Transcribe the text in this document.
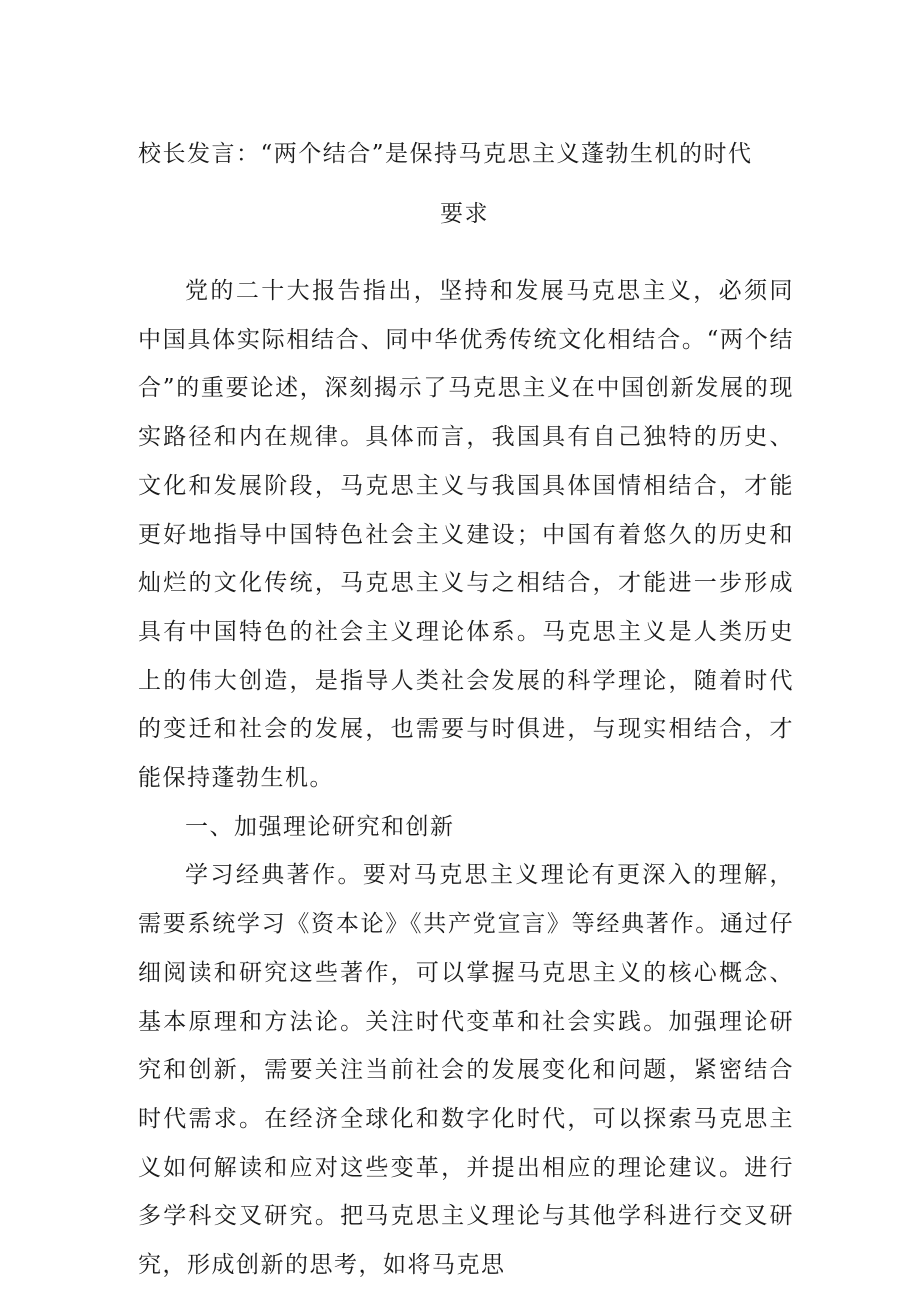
校长发言：“两个结合”是保持马克思主义蓬勃生机的时代
要求

党的二十大报告指出，坚持和发展马克思主义，必须同中国具体实际相结合、同中华优秀传统文化相结合。“两个结合”的重要论述，深刻揭示了马克思主义在中国创新发展的现实路径和内在规律。具体而言，我国具有自己独特的历史、文化和发展阶段，马克思主义与我国具体国情相结合，才能更好地指导中国特色社会主义建设；中国有着悠久的历史和灿烂的文化传统，马克思主义与之相结合，才能进一步形成具有中国特色的社会主义理论体系。马克思主义是人类历史上的伟大创造，是指导人类社会发展的科学理论，随着时代的变迁和社会的发展，也需要与时俱进，与现实相结合，才能保持蓬勃生机。

一、加强理论研究和创新

学习经典著作。要对马克思主义理论有更深入的理解，需要系统学习《资本论》《共产党宣言》等经典著作。通过仔细阅读和研究这些著作，可以掌握马克思主义的核心概念、基本原理和方法论。关注时代变革和社会实践。加强理论研究和创新，需要关注当前社会的发展变化和问题，紧密结合时代需求。在经济全球化和数字化时代，可以探索马克思主义如何解读和应对这些变革，并提出相应的理论建议。进行多学科交叉研究。把马克思主义理论与其他学科进行交叉研究，形成创新的思考，如将马克思
